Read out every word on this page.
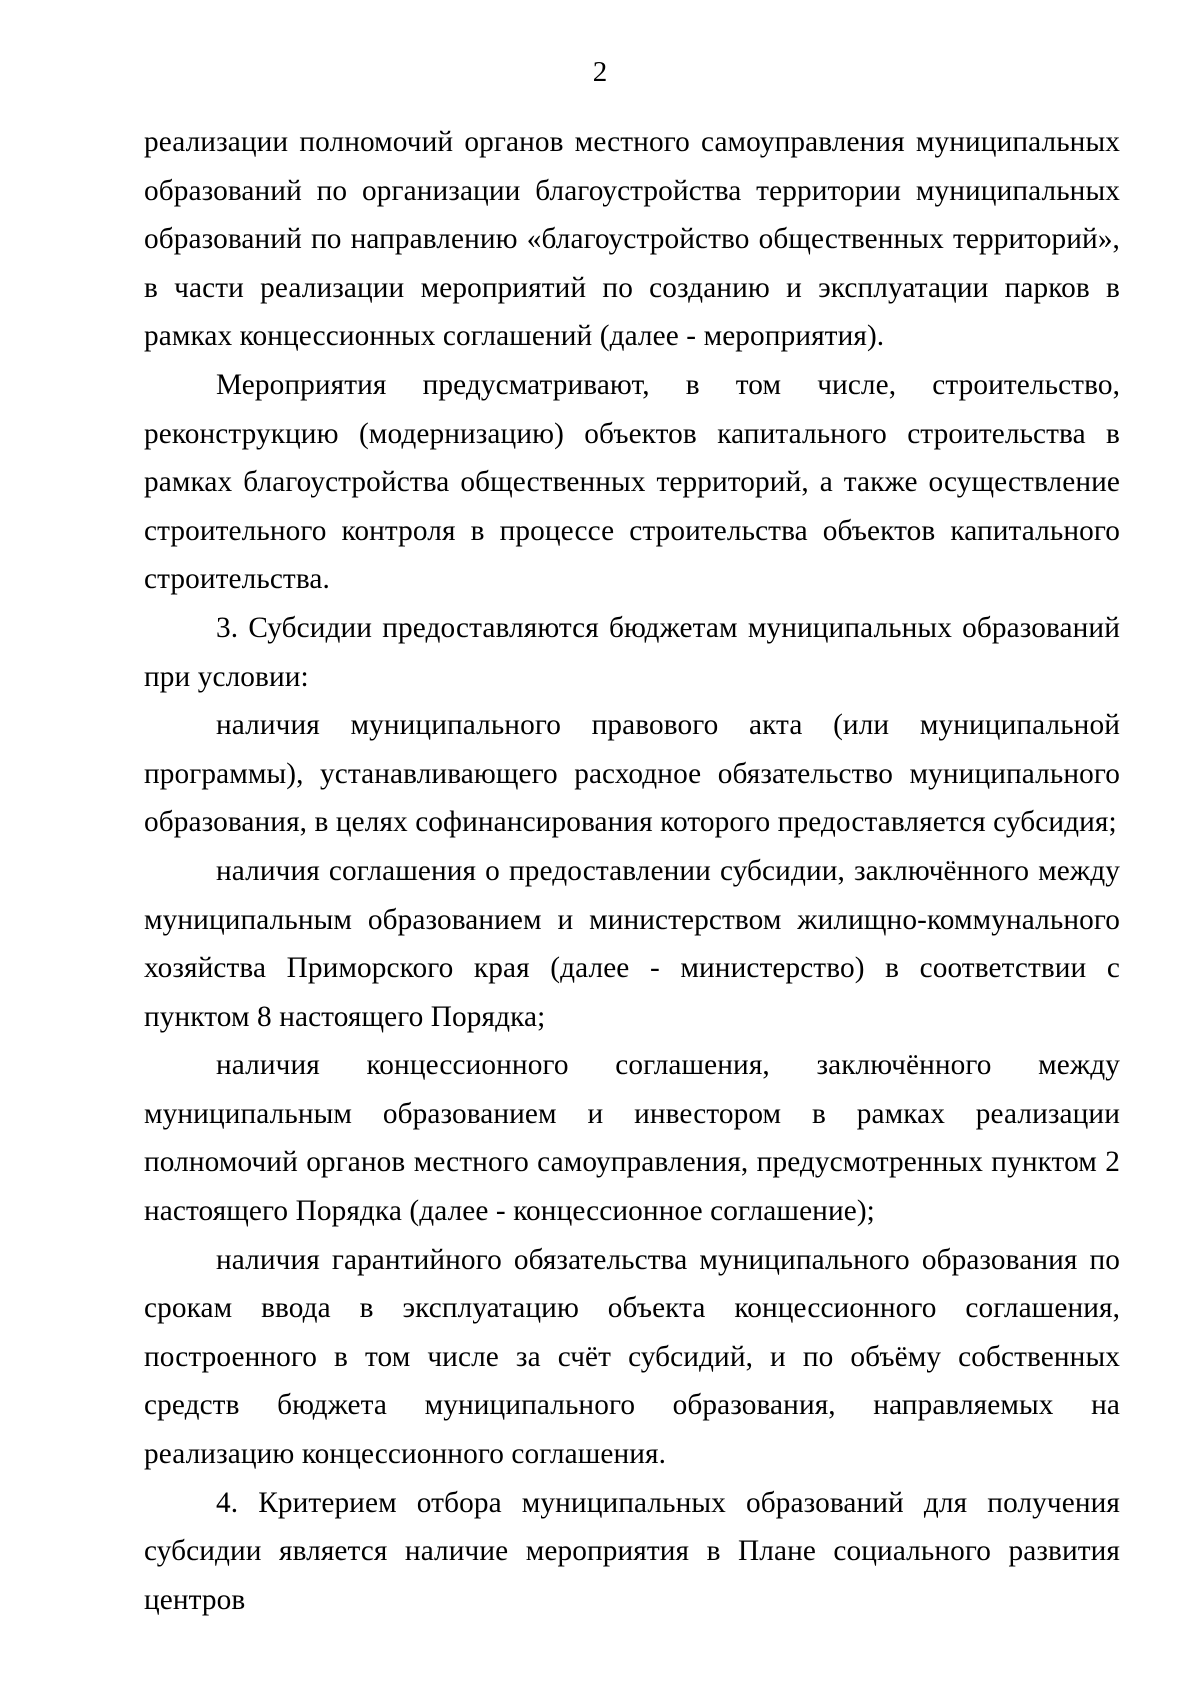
2

реализации полномочий органов местного самоуправления муниципальных образований по организации благоустройства территории муниципальных образований по направлению «благоустройство общественных территорий», в части реализации мероприятий по созданию и эксплуатации парков в рамках концессионных соглашений (далее - мероприятия).

Мероприятия предусматривают, в том числе, строительство, реконструкцию (модернизацию) объектов капитального строительства в рамках благоустройства общественных территорий, а также осуществление строительного контроля в процессе строительства объектов капитального строительства.

3. Субсидии предоставляются бюджетам муниципальных образований при условии:

наличия муниципального правового акта (или муниципальной программы), устанавливающего расходное обязательство муниципального образования, в целях софинансирования которого предоставляется субсидия;

наличия соглашения о предоставлении субсидии, заключённого между муниципальным образованием и министерством жилищно-коммунального хозяйства Приморского края (далее - министерство) в соответствии с пунктом 8 настоящего Порядка;

наличия концессионного соглашения, заключённого между муниципальным образованием и инвестором в рамках реализации полномочий органов местного самоуправления, предусмотренных пунктом 2 настоящего Порядка (далее - концессионное соглашение);

наличия гарантийного обязательства муниципального образования по срокам ввода в эксплуатацию объекта концессионного соглашения, построенного в том числе за счёт субсидий, и по объёму собственных средств бюджета муниципального образования, направляемых на реализацию концессионного соглашения.

4. Критерием отбора муниципальных образований для получения субсидии является наличие мероприятия в Плане социального развития центров
